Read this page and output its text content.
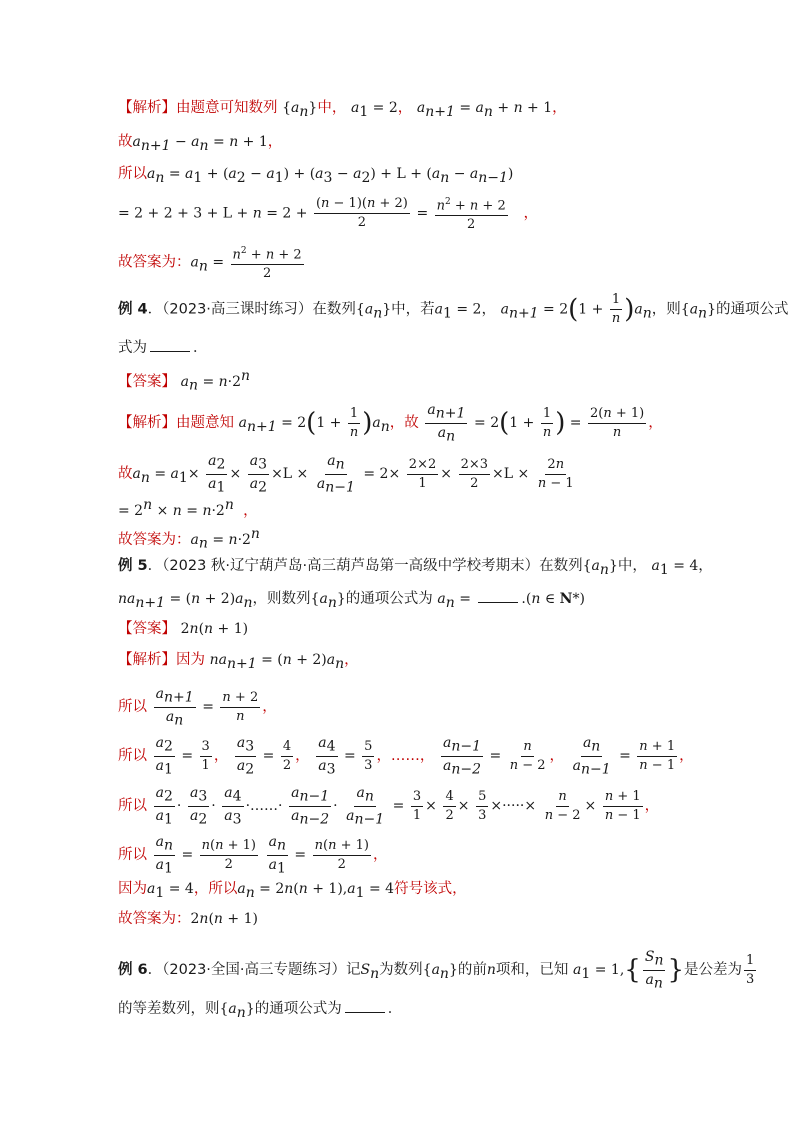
【解析】由题意可知数列 $\{a_n\}$中， $a_1 = 2$， $a_{n+1} = a_n + n + 1$，
故$a_{n+1} - a_n = n + 1$，
所以$a_n = a_1 + (a_2 - a_1) + (a_3 - a_2) + L + (a_n - a_{n-1})$
= $2 + 2 + 3 + L + n = 2 + \frac{(n - 1)(n + 2)}{2} = \frac{n^2 + n + 2}{2}$ ，
故答案为：$a_n = \frac{n^2 + n + 2}{2}$
例 4．（2023·高三课时练习）在数列$\{a_n\}$中，若$a_1 = 2$， $a_{n+1} = 2(1 + \frac{1}{n} )a_n$，则$\{a_n\}$的通项公式
式为	．
【答案】 $a_n = n\cdot 2^n$
【解析】由题意知 $a_{n+1} = 2(1 + \frac{1}{n} )a_n$，故 $\frac{a_{n+1}}{a_n} = 2(1 + \frac{1}{n}$ ) = $\frac{2(n + 1)}{n}$ ，
故$a_n = a_1\times \frac{a_2}{a_1} \times \frac{a_3}{a_2} \times L \times \frac{a_n}{a_{n-1}} = 2\times \frac{2\times 2}{1} \times \frac{2\times 3}{2} \times L \times \frac{2n}{n - 1}$
= $2^n \times n = n\cdot 2^n$  ，
故答案为：$a_n = n\cdot 2^n$
例 5．（2023 秋·辽宁葫芦岛·高三葫芦岛第一高级中学校考期末）在数列$\{a_n\}$中， $a_1 = 4$，
$na_{n+1} = (n + 2)a_n$，则数列$\{a_n\}$的通项公式为 $a_n$ =	.(n ∈ N*)
【答案】 2n(n + 1)
【解析】因为 $na_{n+1} = (n + 2)a_n$，
所以 $\frac{a_{n+1}}{a_n} = \frac{n + 2}{n}$ ，
所以 $\frac{a_2}{a_1} = \frac{3}{1}$ ， $\frac{a_3}{a_2} = \frac{4}{2}$ ， $\frac{a_4}{a_3} = \frac{5}{3}$ ，……， $\frac{a_{n-1}}{a_{n-2}} = \frac{n}{n - 2}$ ， $\frac{a_n}{a_{n-1}} = \frac{n + 1}{n - 1}$ ，
所以 $\frac{a_2}{a_1} \cdot \frac{a_3}{a_2} \cdot \frac{a_4}{a_3}$ ·……· $\frac{a_{n-1}}{a_{n-2}} \cdot \frac{a_n}{a_{n-1}} = \frac{3}{1} \times \frac{4}{2} \times \frac{5}{3}$ ×·····× $\frac{n}{n - 2} \times \frac{n + 1}{n - 1}$ ，
所以 $\frac{a_n}{a_1} = \frac{n(n + 1)}{2}$
$\frac{a_n}{a_1} = \frac{n(n + 1)}{2}$ ，
因为$a_1 = 4$，所以$a_n = 2n(n + 1),a_1 = 4$符号该式，
故答案为：2n(n + 1)
例 6．（2023·全国·高三专题练习）记$S_n$为数列$\{a_n\}$的前n项和，已知 $a_1 = 1,\{ \frac{S_n}{a_n}$ }是公差为 $\frac{1}{3}$
的等差数列，则$\{a_n\}$的通项公式为	．
